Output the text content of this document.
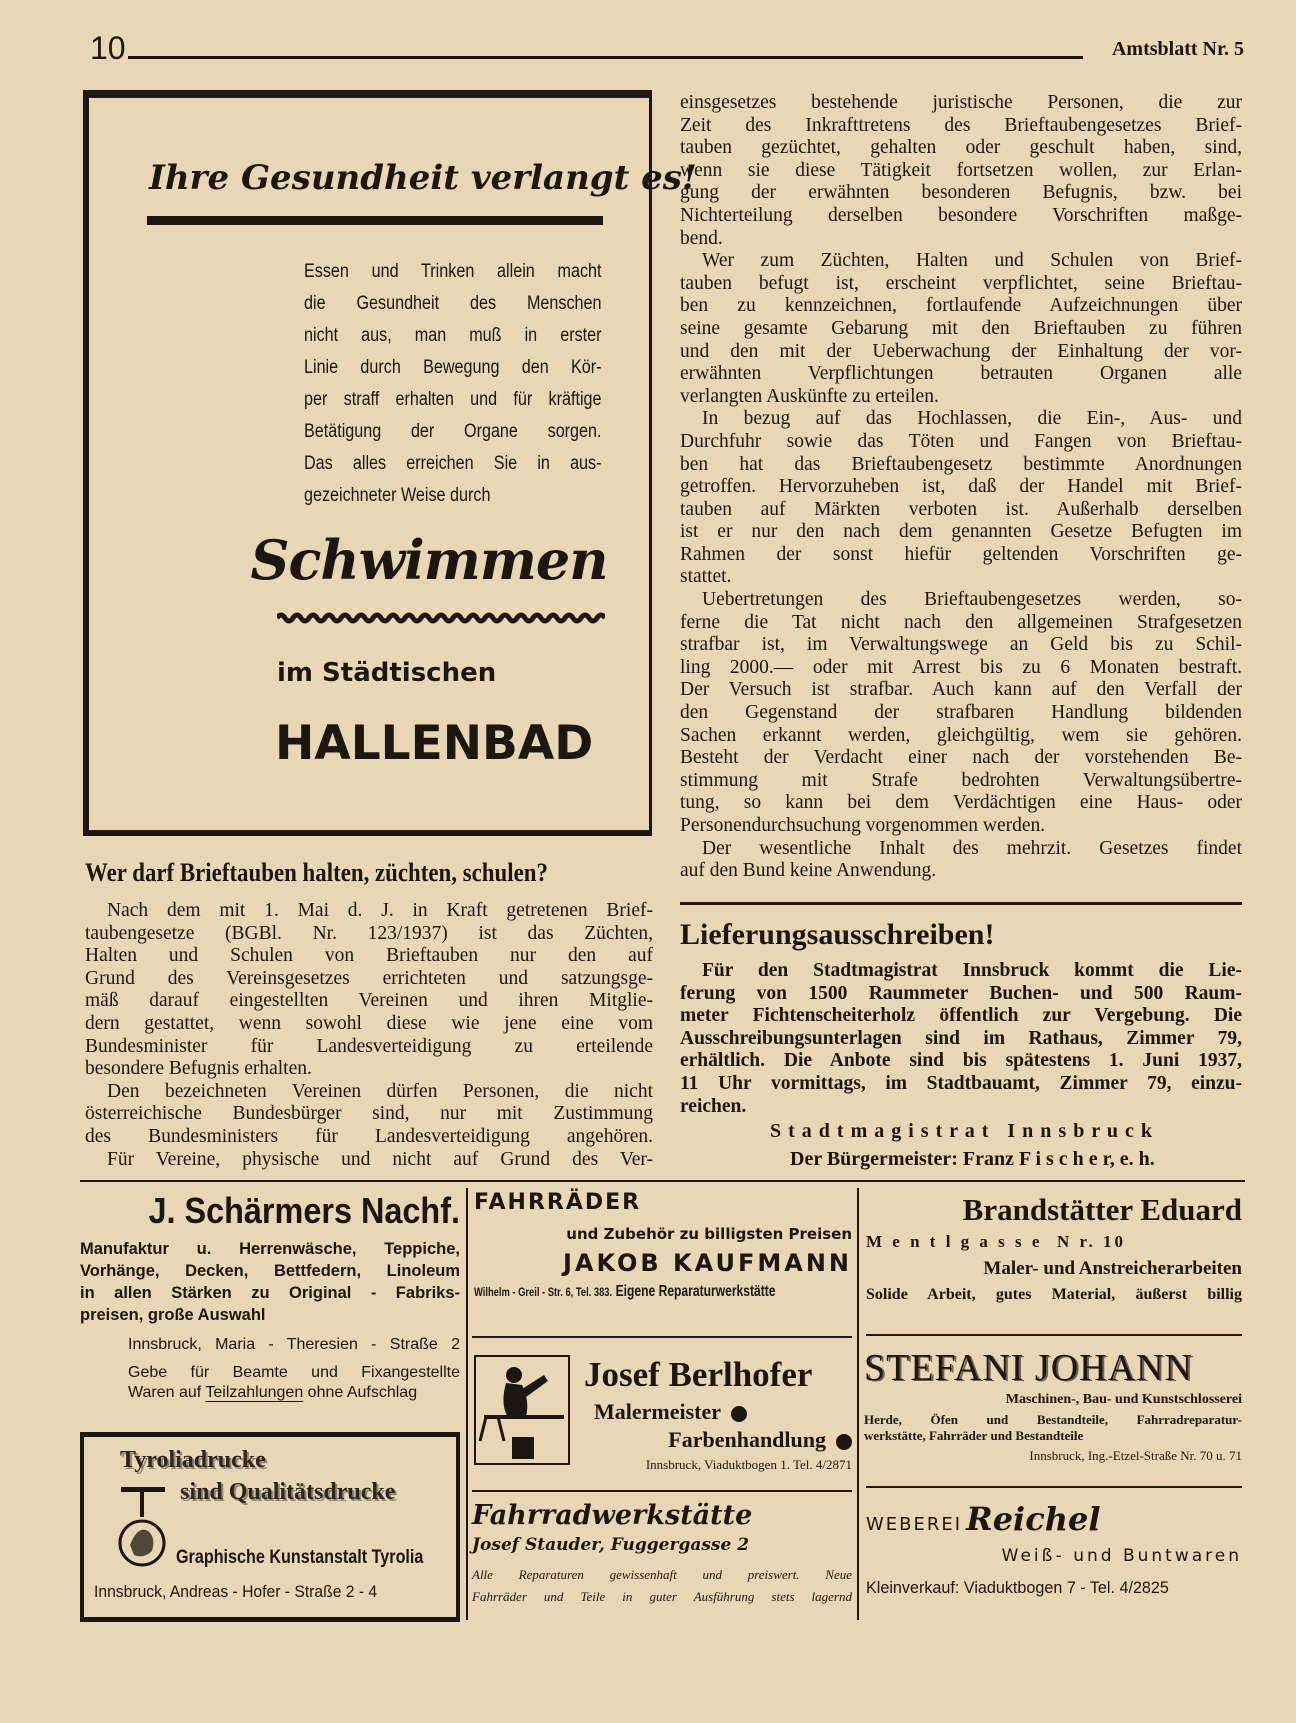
10	Amtsblatt Nr. 5
Ihre Gesundheit verlangt es!
Essen und Trinken allein macht
die Gesundheit des Menschen
nicht aus, man muß in erster
Linie durch Bewegung den Kör-
per straff erhalten und für kräftige
Betätigung der Organe sorgen.
Das alles erreichen Sie in aus-
gezeichneter Weise durch
Schwimmen
im Städtischen
HALLENBAD
Wer darf Brieftauben halten, züchten, schulen?
Nach dem mit 1. Mai d. J. in Kraft getretenen Brief-
taubengesetze (BGBl. Nr. 123/1937) ist das Züchten,
Halten und Schulen von Brieftauben nur den auf
Grund des Vereinsgesetzes errichteten und satzungsge-
mäß darauf eingestellten Vereinen und ihren Mitglie-
dern gestattet, wenn sowohl diese wie jene eine vom
Bundesminister für Landesverteidigung zu erteilende
besondere Befugnis erhalten.
Den bezeichneten Vereinen dürfen Personen, die nicht
österreichische Bundesbürger sind, nur mit Zustimmung
des Bundesministers für Landesverteidigung angehören.
Für Vereine, physische und nicht auf Grund des Ver-
einsgesetzes bestehende juristische Personen, die zur
Zeit des Inkrafttretens des Brieftaubengesetzes Brief-
tauben gezüchtet, gehalten oder geschult haben, sind,
wenn sie diese Tätigkeit fortsetzen wollen, zur Erlan-
gung der erwähnten besonderen Befugnis, bzw. bei
Nichterteilung derselben besondere Vorschriften maßge-
bend.
Wer zum Züchten, Halten und Schulen von Brief-
tauben befugt ist, erscheint verpflichtet, seine Brieftau-
ben zu kennzeichnen, fortlaufende Aufzeichnungen über
seine gesamte Gebarung mit den Brieftauben zu führen
und den mit der Ueberwachung der Einhaltung der vor-
erwähnten Verpflichtungen betrauten Organen alle
verlangten Auskünfte zu erteilen.
In bezug auf das Hochlassen, die Ein-, Aus- und
Durchfuhr sowie das Töten und Fangen von Brieftau-
ben hat das Brieftaubengesetz bestimmte Anordnungen
getroffen. Hervorzuheben ist, daß der Handel mit Brief-
tauben auf Märkten verboten ist. Außerhalb derselben
ist er nur den nach dem genannten Gesetze Befugten im
Rahmen der sonst hiefür geltenden Vorschriften ge-
stattet.
Uebertretungen des Brieftaubengesetzes werden, so-
ferne die Tat nicht nach den allgemeinen Strafgesetzen
strafbar ist, im Verwaltungswege an Geld bis zu Schil-
ling 2000.— oder mit Arrest bis zu 6 Monaten bestraft.
Der Versuch ist strafbar. Auch kann auf den Verfall der
den Gegenstand der strafbaren Handlung bildenden
Sachen erkannt werden, gleichgültig, wem sie gehören.
Besteht der Verdacht einer nach der vorstehenden Be-
stimmung mit Strafe bedrohten Verwaltungsübertre-
tung, so kann bei dem Verdächtigen eine Haus- oder
Personendurchsuchung vorgenommen werden.
Der wesentliche Inhalt des mehrzit. Gesetzes findet
auf den Bund keine Anwendung.
Lieferungsausschreiben!
Für den Stadtmagistrat Innsbruck kommt die Lie-
ferung von 1500 Raummeter Buchen- und 500 Raum-
meter Fichtenscheiterholz öffentlich zur Vergebung. Die
Ausschreibungsunterlagen sind im Rathaus, Zimmer 79,
erhältlich. Die Anbote sind bis spätestens 1. Juni 1937,
11 Uhr vormittags, im Stadtbauamt, Zimmer 79, einzu-
reichen.
S t a d t m a g i s t r a t   I n n s b r u c k
Der Bürgermeister: Franz F i s c h e r, e. h.
J. Schärmers Nachf.
Manufaktur u. Herrenwäsche, Teppiche,
Vorhänge, Decken, Bettfedern, Linoleum
in allen Stärken zu Original - Fabriks-
preisen, große Auswahl
Innsbruck, Maria - Theresien - Straße 2
Gebe für Beamte und Fixangestellte
Waren auf Teilzahlungen ohne Aufschlag
Tyroliadrucke
sind Qualitätsdrucke
Graphische Kunstanstalt Tyrolia
Innsbruck, Andreas - Hofer - Straße 2 - 4
FAHRRÄDER
und Zubehör zu billigsten Preisen
JAKOB KAUFMANN
Wilhelm - Greil - Str. 6, Tel. 383. Eigene Reparaturwerkstätte
Josef Berlhofer
Malermeister
Farbenhandlung
Innsbruck, Viaduktbogen 1. Tel. 4/2871
Fahrradwerkstätte
Josef Stauder, Fuggergasse 2
Alle Reparaturen gewissenhaft und preiswert. Neue
Fahrräder und Teile in guter Ausführung stets lagernd
Brandstätter Eduard
M e n t l g a s s e  N r. 10
Maler- und Anstreicherarbeiten
Solide Arbeit, gutes Material, äußerst billig
STEFANI JOHANN
Maschinen-, Bau- und Kunstschlosserei
Herde, Öfen und Bestandteile, Fahrradreparatur-
werkstätte, Fahrräder und Bestandteile
Innsbruck, Ing.-Etzel-Straße Nr. 70 u. 71
WEBEREI Reichel
Weiß- und Buntwaren
Kleinverkauf: Viaduktbogen 7 - Tel. 4/2825
